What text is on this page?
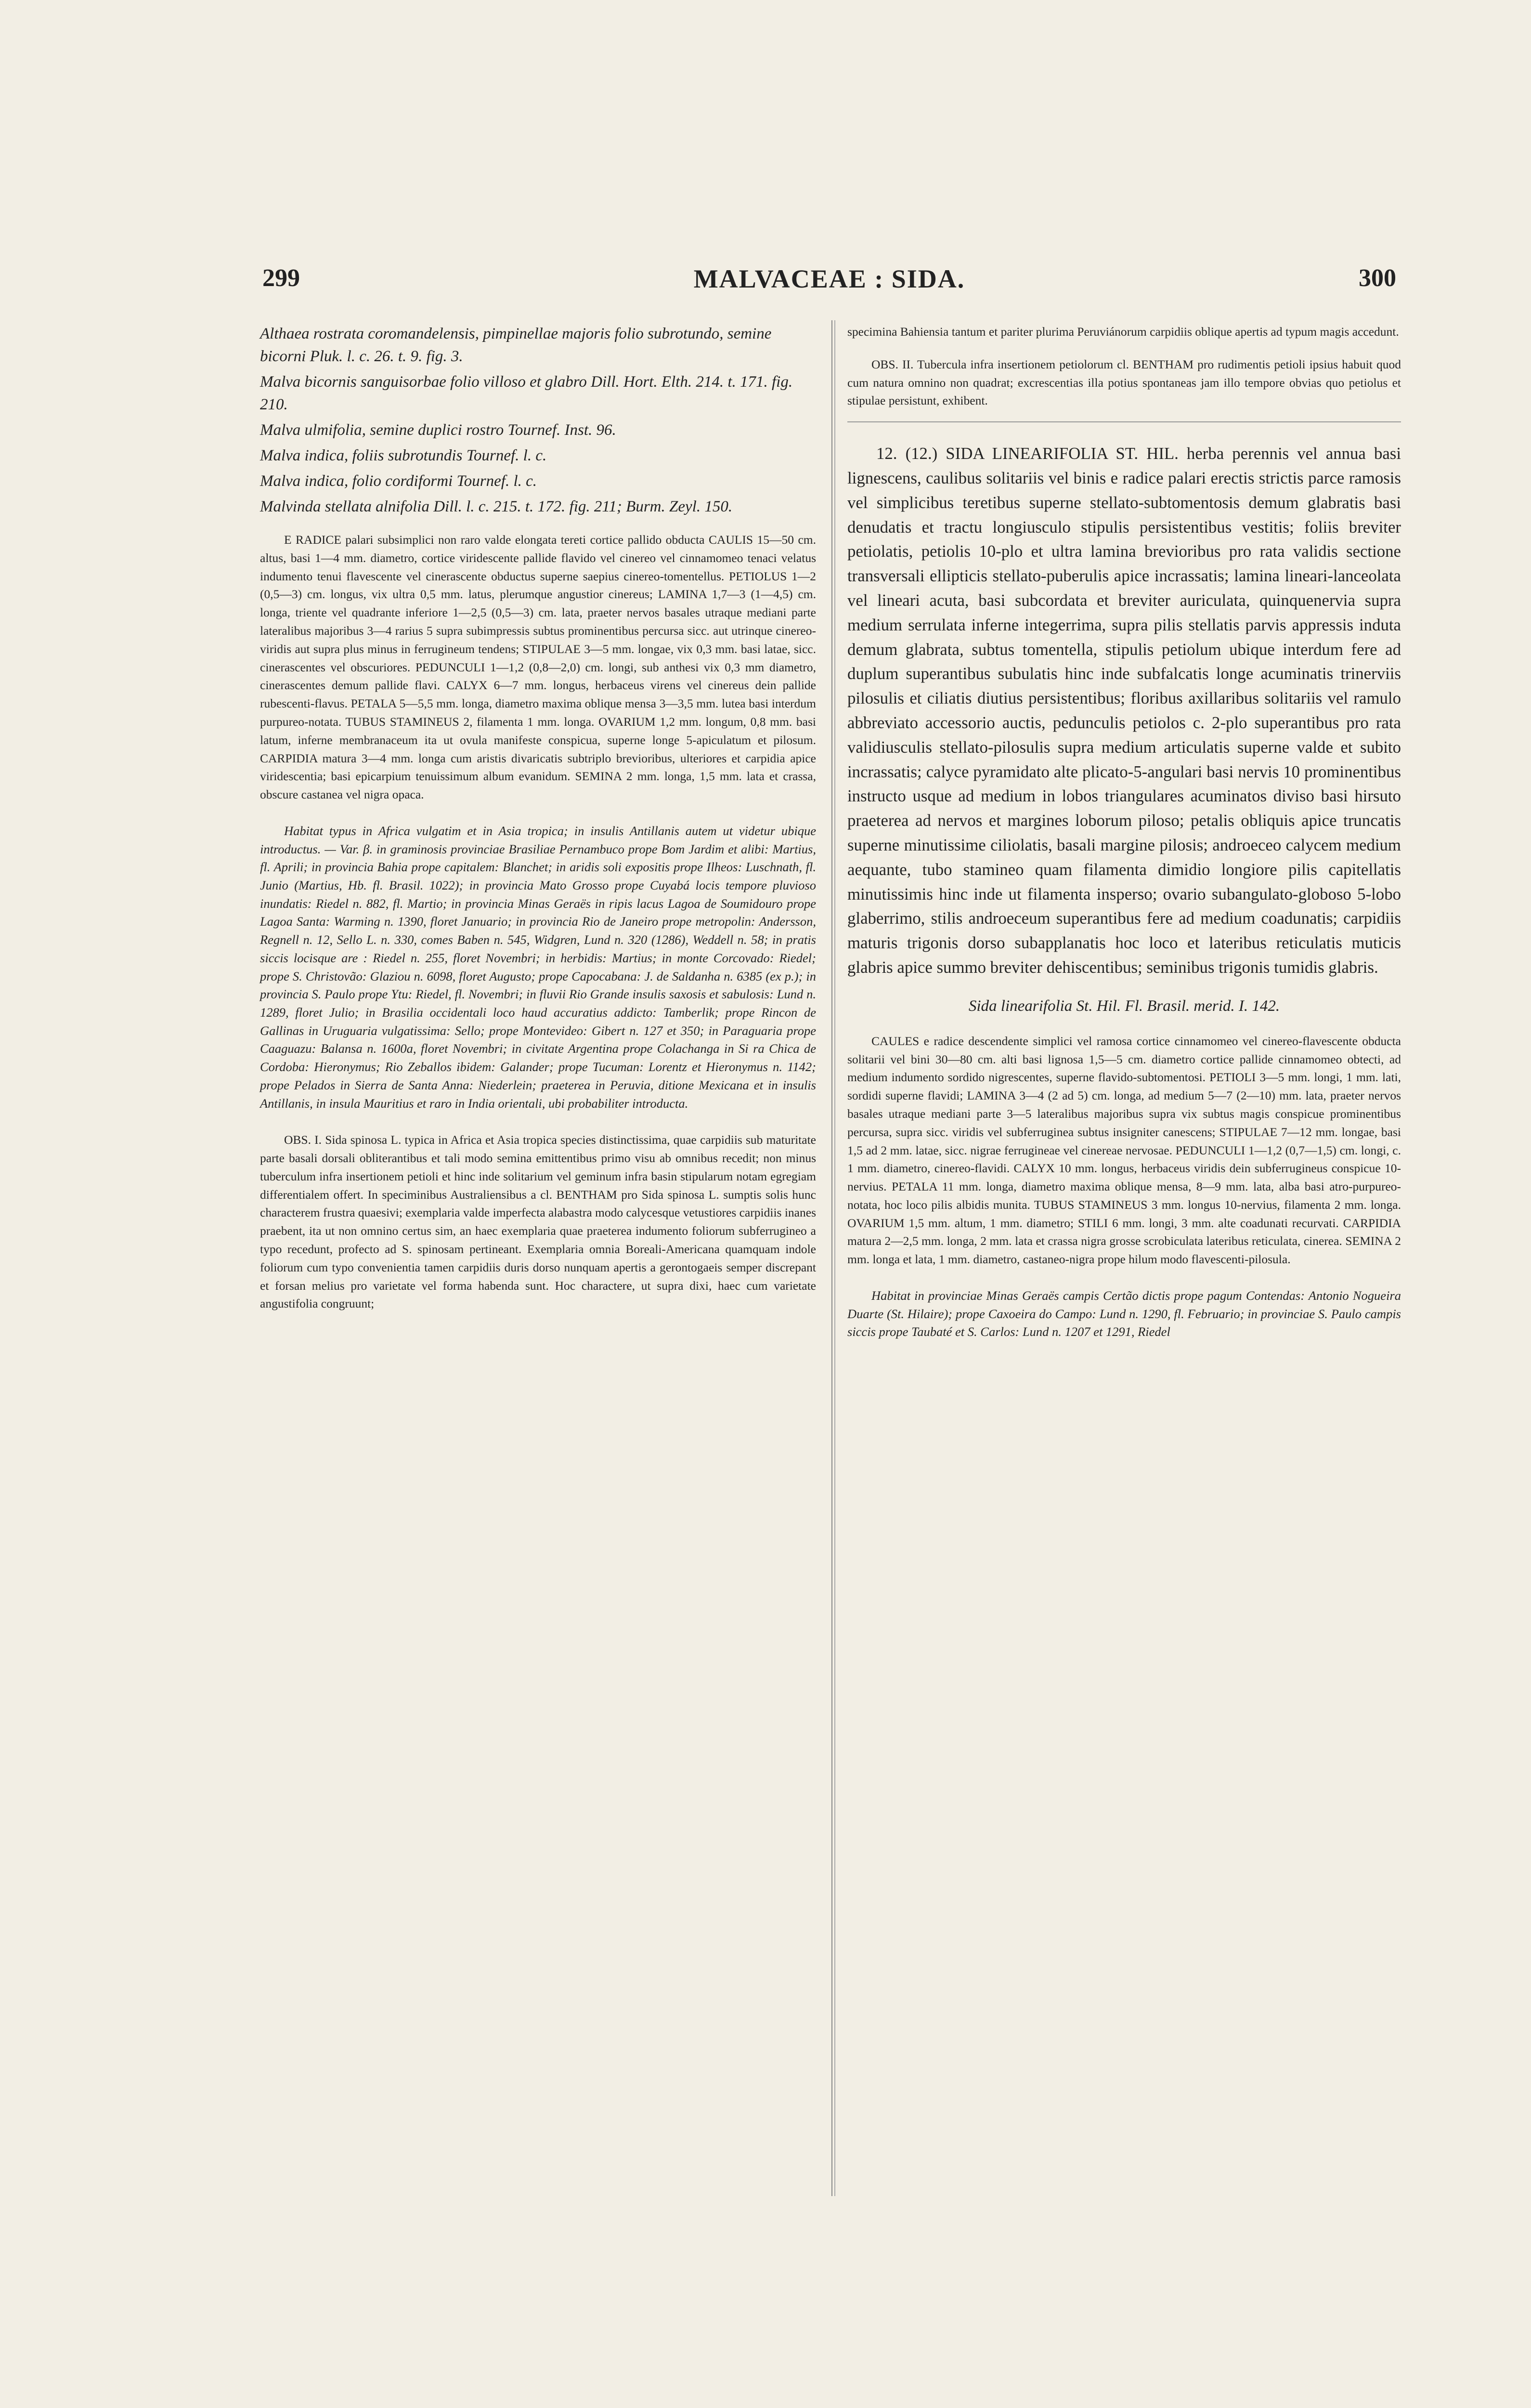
299	MALVACEAE : SIDA.	300

Althaea rostrata coromandelensis, pimpinellae majoris folio subrotundo, semine bicorni Pluk. l. c. 26. t. 9. fig. 3.

Malva bicornis sanguisorbae folio villoso et glabro Dill. Hort. Elth. 214. t. 171. fig. 210.

Malva ulmifolia, semine duplici rostro Tournef. Inst. 96.

Malva indica, foliis subrotundis Tournef. l. c.

Malva indica, folio cordiformi Tournef. l. c.

Malvinda stellata alnifolia Dill. l. c. 215. t. 172. fig. 211; Burm. Zeyl. 150.

E RADICE palari subsimplici non raro valde elongata tereti cortice pallido obducta CAULIS 15—50 cm. altus, basi 1—4 mm. diametro, cortice viridescente pallide flavido vel cinereo vel cinnamomeo tenaci velatus indumento tenui flavescente vel cinerascente obductus superne saepius cinereo-tomentellus. PETIOLUS 1—2 (0,5—3) cm. longus, vix ultra 0,5 mm. latus, plerumque angustior cinereus; LAMINA 1,7—3 (1—4,5) cm. longa, triente vel quadrante inferiore 1—2,5 (0,5—3) cm. lata, praeter nervos basales utraque mediani parte lateralibus majoribus 3—4 rarius 5 supra subimpressis subtus prominentibus percursa sicc. aut utrinque cinereo-viridis aut supra plus minus in ferrugineum tendens; STIPULAE 3—5 mm. longae, vix 0,3 mm. basi latae, sicc. cinerascentes vel obscuriores. PEDUNCULI 1—1,2 (0,8—2,0) cm. longi, sub anthesi vix 0,3 mm diametro, cinerascentes demum pallide flavi. CALYX 6—7 mm. longus, herbaceus virens vel cinereus dein pallide rubescenti-flavus. PETALA 5—5,5 mm. longa, diametro maxima oblique mensa 3—3,5 mm. lutea basi interdum purpureo-notata. TUBUS STAMINEUS 2, filamenta 1 mm. longa. OVARIUM 1,2 mm. longum, 0,8 mm. basi latum, inferne membranaceum ita ut ovula manifeste conspicua, superne longe 5-apiculatum et pilosum. CARPIDIA matura 3—4 mm. longa cum aristis divaricatis subtriplo brevioribus, ulteriores et carpidia apice viridescentia; basi epicarpium tenuissimum album evanidum. SEMINA 2 mm. longa, 1,5 mm. lata et crassa, obscure castanea vel nigra opaca.

Habitat typus in Africa vulgatim et in Asia tropica; in insulis Antillanis autem ut videtur ubique introductus. — Var. β. in graminosis provinciae Brasiliae Pernambuco prope Bom Jardim et alibi: Martius, fl. Aprili; in provincia Bahia prope capitalem: Blanchet; in aridis soli expositis prope Ilheos: Luschnath, fl. Junio (Martius, Hb. fl. Brasil. 1022); in provincia Mato Grosso prope Cuyabá locis tempore pluvioso inundatis: Riedel n. 882, fl. Martio; in provincia Minas Geraës in ripis lacus Lagoa de Soumidouro prope Lagoa Santa: Warming n. 1390, floret Januario; in provincia Rio de Janeiro prope metropolin: Andersson, Regnell n. 12, Sello L. n. 330, comes Baben n. 545, Widgren, Lund n. 320 (1286), Weddell n. 58; in pratis siccis locisque are : Riedel n. 255, floret Novembri; in herbidis: Martius; in monte Corcovado: Riedel; prope S. Christovão: Glaziou n. 6098, floret Augusto; prope Capocabana: J. de Saldanha n. 6385 (ex p.); in provincia S. Paulo prope Ytu: Riedel, fl. Novembri; in fluvii Rio Grande insulis saxosis et sabulosis: Lund n. 1289, floret Julio; in Brasilia occidentali loco haud accuratius addicto: Tamberlik; prope Rincon de Gallinas in Uruguaria vulgatissima: Sello; prope Montevideo: Gibert n. 127 et 350; in Paraguaria prope Caaguazu: Balansa n. 1600a, floret Novembri; in civitate Argentina prope Colachanga in Si ra Chica de Cordoba: Hieronymus; Rio Zeballos ibidem: Galander; prope Tucuman: Lorentz et Hieronymus n. 1142; prope Pelados in Sierra de Santa Anna: Niederlein; praeterea in Peruvia, ditione Mexicana et in insulis Antillanis, in insula Mauritius et raro in India orientali, ubi probabiliter introducta.

OBS. I. Sida spinosa L. typica in Africa et Asia tropica species distinctissima, quae carpidiis sub maturitate parte basali dorsali obliterantibus et tali modo semina emittentibus primo visu ab omnibus recedit; non minus tuberculum infra insertionem petioli et hinc inde solitarium vel geminum infra basin stipularum notam egregiam differentialem offert. In speciminibus Australiensibus a cl. BENTHAM pro Sida spinosa L. sumptis solis hunc characterem frustra quaesivi; exemplaria valde imperfecta alabastra modo calycesque vetustiores carpidiis inanes praebent, ita ut non omnino certus sim, an haec exemplaria quae praeterea indumento foliorum subferrugineo a typo recedunt, profecto ad S. spinosam pertineant. Exemplaria omnia Boreali-Americana quamquam indole foliorum cum typo convenientia tamen carpidiis duris dorso nunquam apertis a gerontogaeis semper discrepant et forsan melius pro varietate vel forma habenda sunt. Hoc charactere, ut supra dixi, haec cum varietate angustifolia congruunt;

specimina Bahiensia tantum et pariter plurima Peruviánorum carpidiis oblique apertis ad typum magis accedunt.

OBS. II. Tubercula infra insertionem petiolorum cl. BENTHAM pro rudimentis petioli ipsius habuit quod cum natura omnino non quadrat; excrescentias illa potius spontaneas jam illo tempore obvias quo petiolus et stipulae persistunt, exhibent.

12. (12.) SIDA LINEARIFOLIA ST. HIL. herba perennis vel annua basi lignescens, caulibus solitariis vel binis e radice palari erectis strictis parce ramosis vel simplicibus teretibus superne stellato-subtomentosis demum glabratis basi denudatis et tractu longiusculo stipulis persistentibus vestitis; foliis breviter petiolatis, petiolis 10-plo et ultra lamina brevioribus pro rata validis sectione transversali ellipticis stellato-puberulis apice incrassatis; lamina lineari-lanceolata vel lineari acuta, basi subcordata et breviter auriculata, quinquenervia supra medium serrulata inferne integerrima, supra pilis stellatis parvis appressis induta demum glabrata, subtus tomentella, stipulis petiolum ubique interdum fere ad duplum superantibus subulatis hinc inde subfalcatis longe acuminatis trinerviis pilosulis et ciliatis diutius persistentibus; floribus axillaribus solitariis vel ramulo abbreviato accessorio auctis, pedunculis petiolos c. 2-plo superantibus pro rata validiusculis stellato-pilosulis supra medium articulatis superne valde et subito incrassatis; calyce pyramidato alte plicato-5-angulari basi nervis 10 prominentibus instructo usque ad medium in lobos triangulares acuminatos diviso basi hirsuto praeterea ad nervos et margines loborum piloso; petalis obliquis apice truncatis superne minutissime ciliolatis, basali margine pilosis; androeceo calycem medium aequante, tubo stamineo quam filamenta dimidio longiore pilis capitellatis minutissimis hinc inde ut filamenta insperso; ovario subangulato-globoso 5-lobo glaberrimo, stilis androeceum superantibus fere ad medium coadunatis; carpidiis maturis trigonis dorso subapplanatis hoc loco et lateribus reticulatis muticis glabris apice summo breviter dehiscentibus; seminibus trigonis tumidis glabris.

Sida linearifolia St. Hil. Fl. Brasil. merid. I. 142.

CAULES e radice descendente simplici vel ramosa cortice cinnamomeo vel cinereo-flavescente obducta solitarii vel bini 30—80 cm. alti basi lignosa 1,5—5 cm. diametro cortice pallide cinnamomeo obtecti, ad medium indumento sordido nigrescentes, superne flavido-subtomentosi. PETIOLI 3—5 mm. longi, 1 mm. lati, sordidi superne flavidi; LAMINA 3—4 (2 ad 5) cm. longa, ad medium 5—7 (2—10) mm. lata, praeter nervos basales utraque mediani parte 3—5 lateralibus majoribus supra vix subtus magis conspicue prominentibus percursa, supra sicc. viridis vel subferruginea subtus insigniter canescens; STIPULAE 7—12 mm. longae, basi 1,5 ad 2 mm. latae, sicc. nigrae ferrugineae vel cinereae nervosae. PEDUNCULI 1—1,2 (0,7—1,5) cm. longi, c. 1 mm. diametro, cinereo-flavidi. CALYX 10 mm. longus, herbaceus viridis dein subferrugineus conspicue 10-nervius. PETALA 11 mm. longa, diametro maxima oblique mensa, 8—9 mm. lata, alba basi atro-purpureo-notata, hoc loco pilis albidis munita. TUBUS STAMINEUS 3 mm. longus 10-nervius, filamenta 2 mm. longa. OVARIUM 1,5 mm. altum, 1 mm. diametro; STILI 6 mm. longi, 3 mm. alte coadunati recurvati. CARPIDIA matura 2—2,5 mm. longa, 2 mm. lata et crassa nigra grosse scrobiculata lateribus reticulata, cinerea. SEMINA 2 mm. longa et lata, 1 mm. diametro, castaneo-nigra prope hilum modo flavescenti-pilosula.

Habitat in provinciae Minas Geraës campis Certão dictis prope pagum Contendas: Antonio Nogueira Duarte (St. Hilaire); prope Caxoeira do Campo: Lund n. 1290, fl. Februario; in provinciae S. Paulo campis siccis prope Taubaté et S. Carlos: Lund n. 1207 et 1291, Riedel
